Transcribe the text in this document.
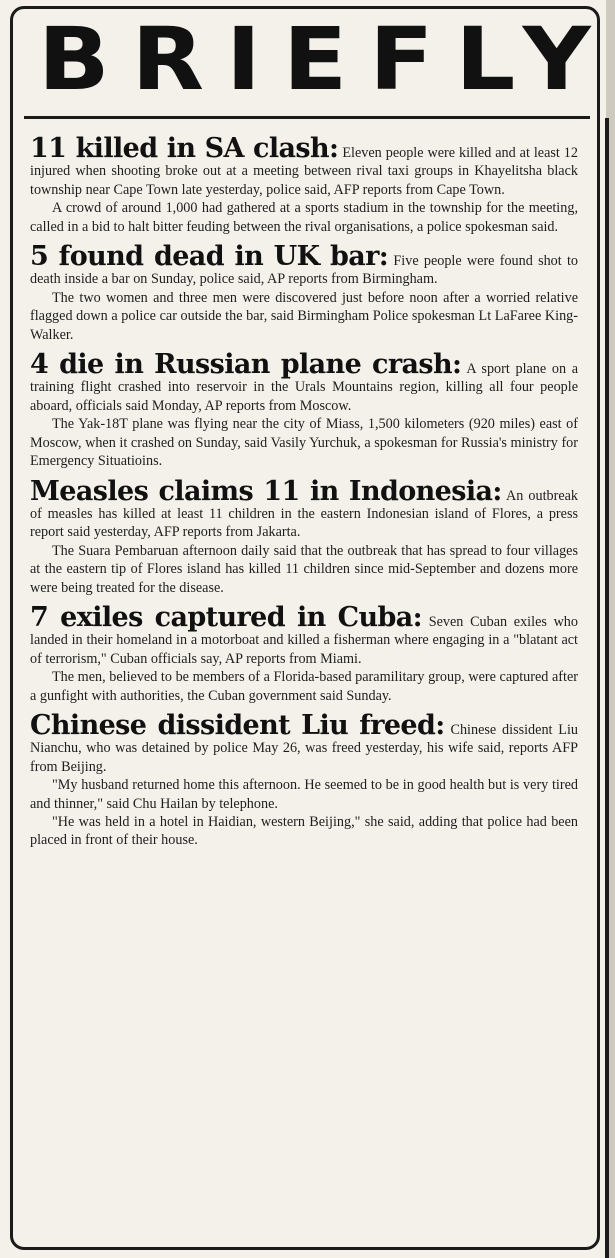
BRIEFLY

11 killed in SA clash: Eleven people were killed and at least 12 injured when shooting broke out at a meeting between rival taxi groups in Khayelitsha black township near Cape Town late yesterday, police said, AFP reports from Cape Town.

A crowd of around 1,000 had gathered at a sports stadium in the township for the meeting, called in a bid to halt bitter feuding between the rival organisations, a police spokesman said.

5 found dead in UK bar: Five people were found shot to death inside a bar on Sunday, police said, AP reports from Birmingham.

The two women and three men were discovered just before noon after a worried relative flagged down a police car outside the bar, said Birmingham Police spokesman Lt LaFaree King-Walker.

4 die in Russian plane crash: A sport plane on a training flight crashed into reservoir in the Urals Mountains region, killing all four people aboard, officials said Monday, AP reports from Moscow.

The Yak-18T plane was flying near the city of Miass, 1,500 kilometers (920 miles) east of Moscow, when it crashed on Sunday, said Vasily Yurchuk, a spokesman for Russia's ministry for Emergency Situatioins.

Measles claims 11 in Indonesia: An outbreak of measles has killed at least 11 children in the eastern Indonesian island of Flores, a press report said yesterday, AFP reports from Jakarta.

The Suara Pembaruan afternoon daily said that the outbreak that has spread to four villages at the eastern tip of Flores island has killed 11 children since mid-September and dozens more were being treated for the disease.

7 exiles captured in Cuba: Seven Cuban exiles who landed in their homeland in a motorboat and killed a fisherman where engaging in a "blatant act of terrorism," Cuban officials say, AP reports from Miami.

The men, believed to be members of a Florida-based paramilitary group, were captured after a gunfight with authorities, the Cuban government said Sunday.

Chinese dissident Liu freed: Chinese dissident Liu Nianchu, who was detained by police May 26, was freed yesterday, his wife said, reports AFP from Beijing.

"My husband returned home this afternoon. He seemed to be in good health but is very tired and thinner," said Chu Hailan by telephone.

"He was held in a hotel in Haidian, western Beijing," she said, adding that police had been placed in front of their house.
